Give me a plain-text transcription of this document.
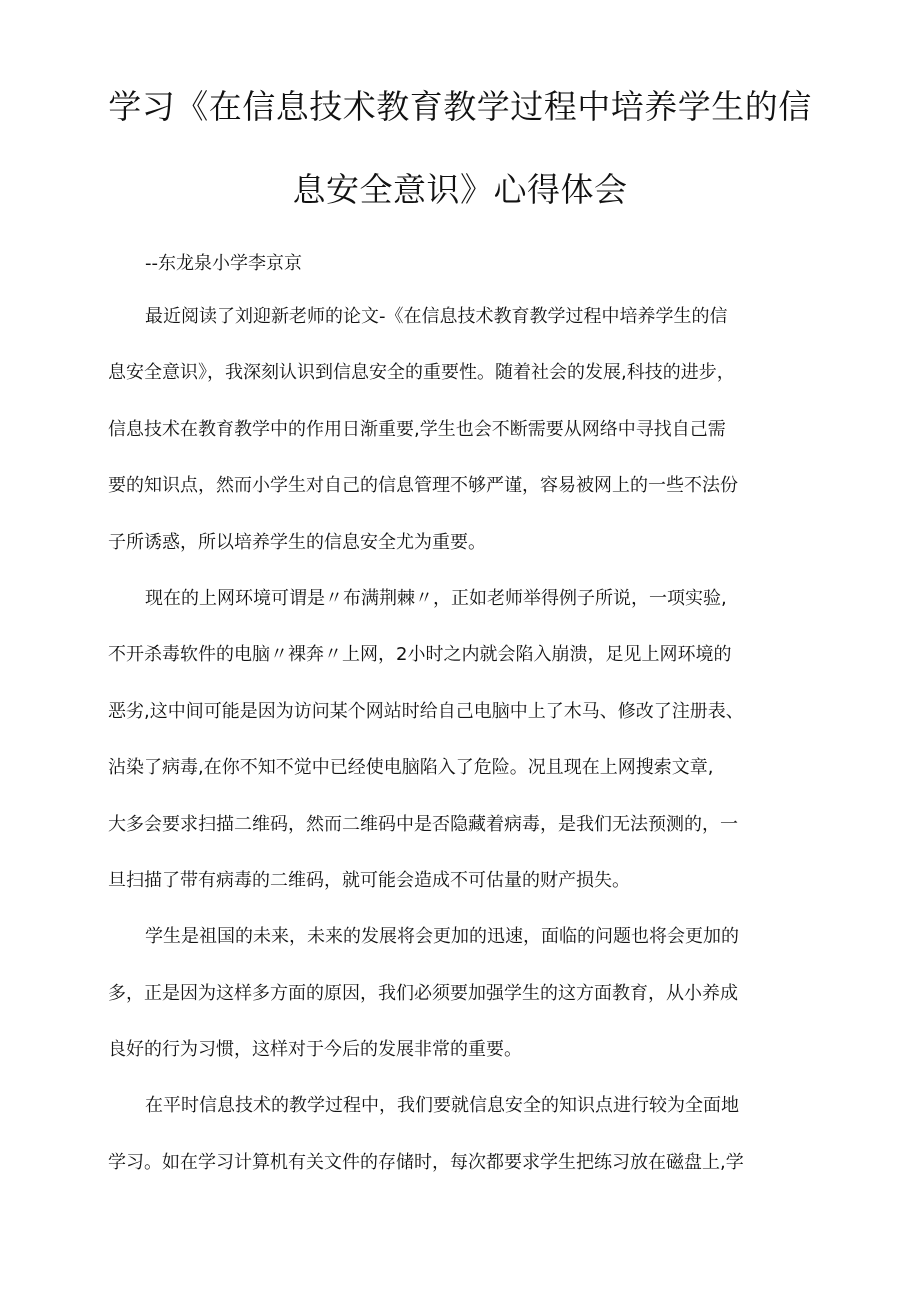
学习《在信息技术教育教学过程中培养学生的信
息安全意识》心得体会
--东龙泉小学李京京
最近阅读了刘迎新老师的论文-《在信息技术教育教学过程中培养学生的信
息安全意识》，我深刻认识到信息安全的重要性。随着社会的发展,科技的进步，
信息技术在教育教学中的作用日渐重要,学生也会不断需要从网络中寻找自己需
要的知识点，然而小学生对自己的信息管理不够严谨，容易被网上的一些不法份
子所诱惑，所以培养学生的信息安全尤为重要。
现在的上网环境可谓是〃布满荆棘〃，正如老师举得例子所说，一项实验,
不开杀毒软件的电脑〃裸奔〃上网，2小时之内就会陷入崩溃，足见上网环境的
恶劣,这中间可能是因为访问某个网站时给自己电脑中上了木马、修改了注册表、
沾染了病毒,在你不知不觉中已经使电脑陷入了危险。况且现在上网搜索文章,
大多会要求扫描二维码，然而二维码中是否隐藏着病毒，是我们无法预测的，一
旦扫描了带有病毒的二维码，就可能会造成不可估量的财产损失。
学生是祖国的未来，未来的发展将会更加的迅速，面临的问题也将会更加的
多，正是因为这样多方面的原因，我们必须要加强学生的这方面教育，从小养成
良好的行为习惯，这样对于今后的发展非常的重要。
在平时信息技术的教学过程中，我们要就信息安全的知识点进行较为全面地
学习。如在学习计算机有关文件的存储时，每次都要求学生把练习放在磁盘上,学
